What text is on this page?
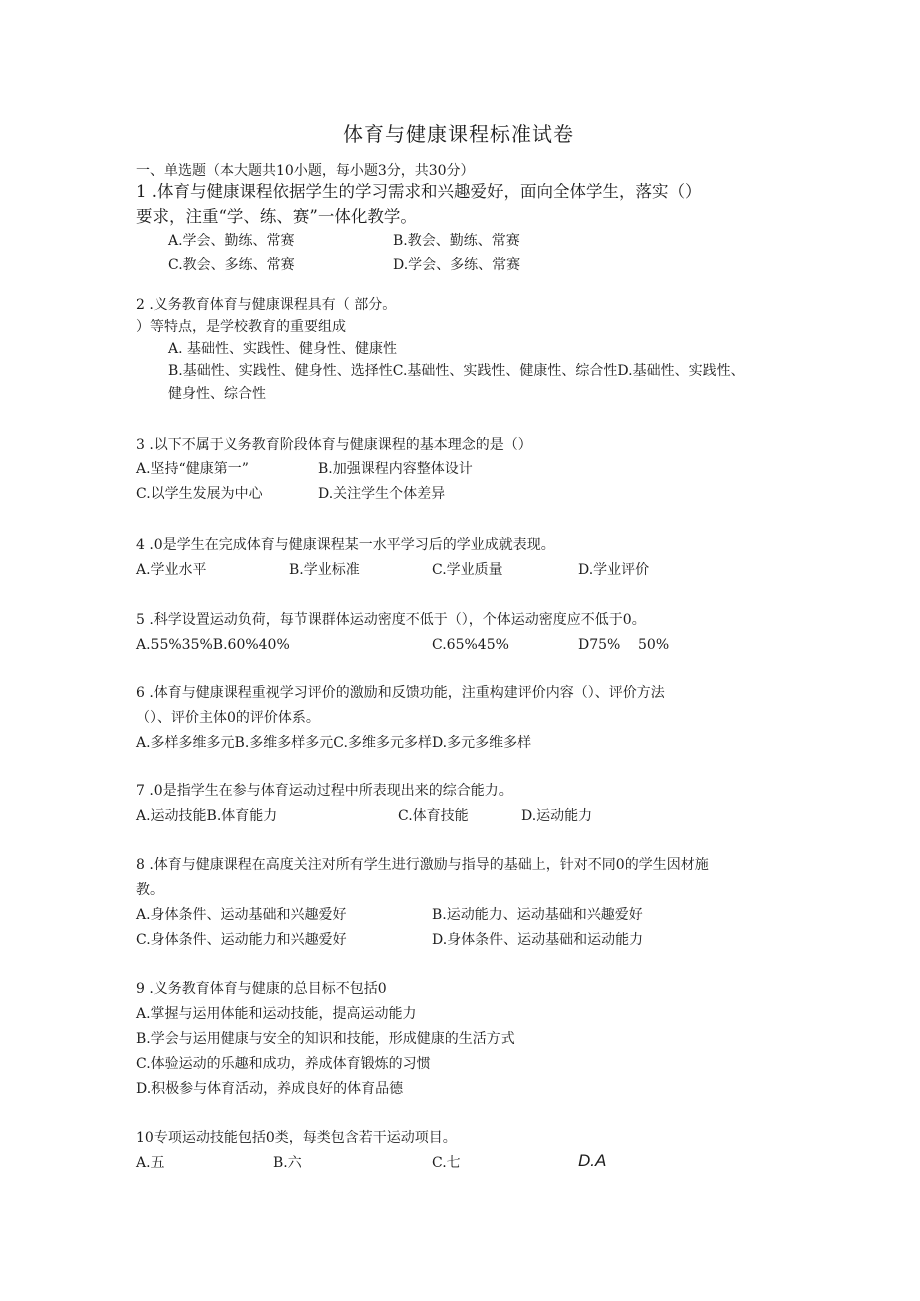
体育与健康课程标准试卷
一、单选题（本大题共10小题，每小题3分，共30分）
1 .体育与健康课程依据学生的学习需求和兴趣爱好，面向全体学生，落实（）
要求，注重“学、练、赛”一体化教学。
A.学会、勤练、常赛	B.教会、勤练、常赛
C.教会、多练、常赛	D.学会、多练、常赛
2 .义务教育体育与健康课程具有（ 部分。
）等特点，是学校教育的重要组成
A. 基础性、实践性、健身性、健康性
B.基础性、实践性、健身性、选择性C.基础性、实践性、健康性、综合性D.基础性、实践性、
健身性、综合性
3 .以下不属于义务教育阶段体育与健康课程的基本理念的是（）
A.坚持“健康第一”	B.加强课程内容整体设计
C.以学生发展为中心	D.关注学生个体差异
4 .0是学生在完成体育与健康课程某一水平学习后的学业成就表现。
A.学业水平	B.学业标准	C.学业质量	D.学业评价
5 .科学设置运动负荷，每节课群体运动密度不低于（），个体运动密度应不低于0。
A.55%35%B.60%40%	C.65%45%	D75% 50%
6 .体育与健康课程重视学习评价的激励和反馈功能，注重构建评价内容（）、评价方法
（）、评价主体0的评价体系。
A.多样多维多元B.多维多样多元C.多维多元多样D.多元多维多样
7 .0是指学生在参与体育运动过程中所表现出来的综合能力。
A.运动技能B.体育能力	C.体育技能	D.运动能力
8 .体育与健康课程在高度关注对所有学生进行激励与指导的基础上，针对不同0的学生因材施
教。
A.身体条件、运动基础和兴趣爱好	B.运动能力、运动基础和兴趣爱好
C.身体条件、运动能力和兴趣爱好	D.身体条件、运动基础和运动能力
9 .义务教育体育与健康的总目标不包括0
A.掌握与运用体能和运动技能，提高运动能力
B.学会与运用健康与安全的知识和技能，形成健康的生活方式
C.体验运动的乐趣和成功，养成体育锻炼的习惯
D.积极参与体育活动，养成良好的体育品德
10专项运动技能包括0类，每类包含若干运动项目。
A.五	B.六	C.七	D.A
